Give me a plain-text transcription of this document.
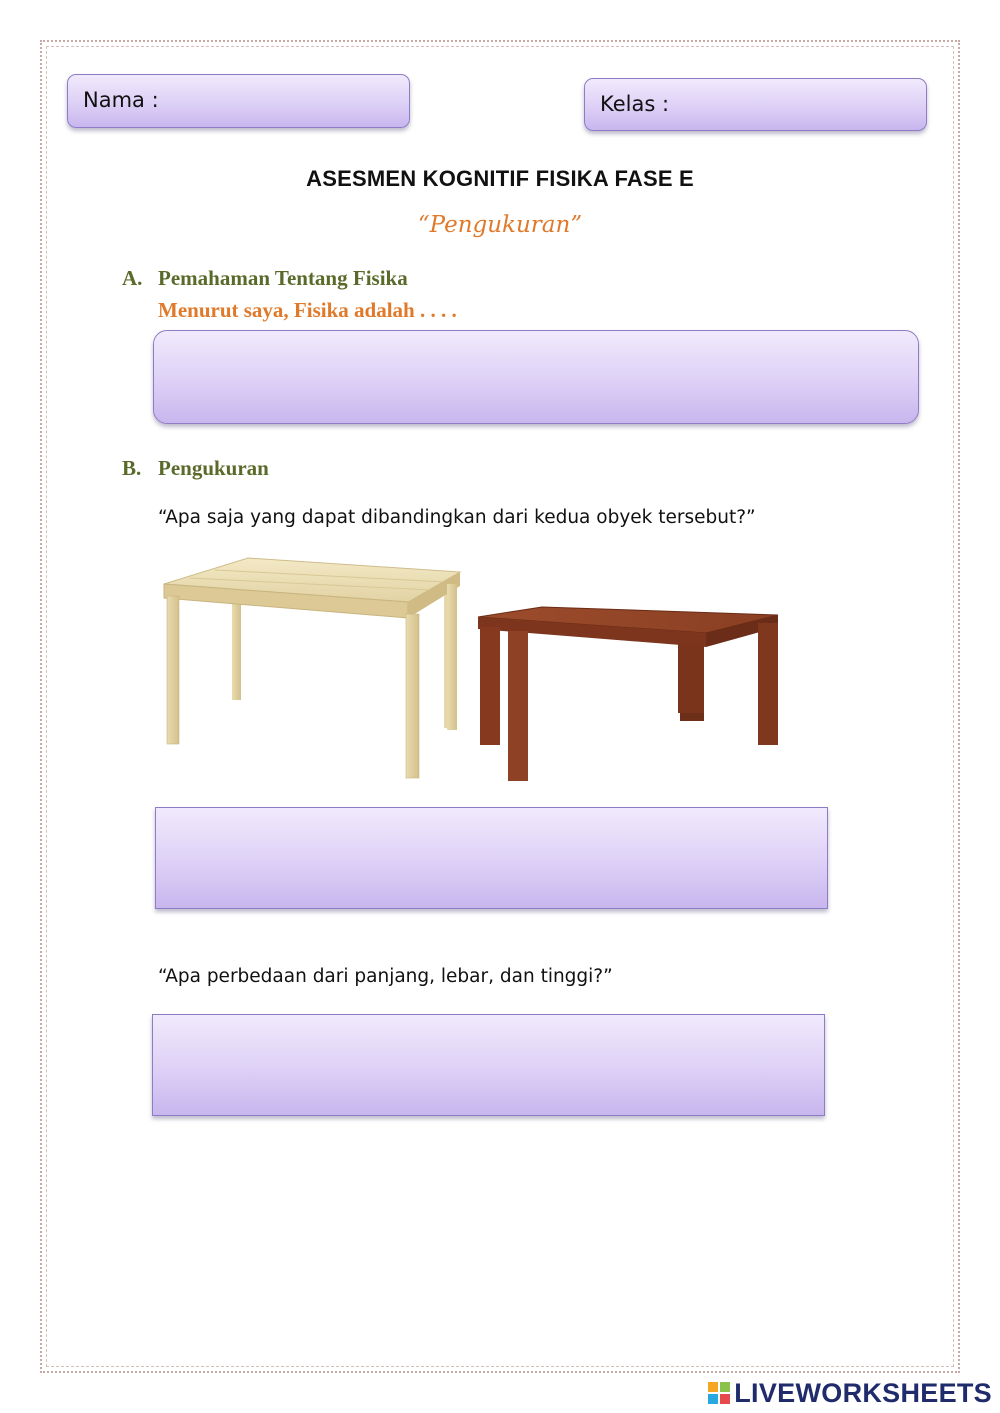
Nama :	Kelas :
ASESMEN KOGNITIF FISIKA FASE E
“Pengukuran”
A. Pemahaman Tentang Fisika
Menurut saya, Fisika adalah . . . .
B. Pengukuran
“Apa saja yang dapat dibandingkan dari kedua obyek tersebut?”
“Apa perbedaan dari panjang, lebar, dan tinggi?”
LIVEWORKSHEETS
